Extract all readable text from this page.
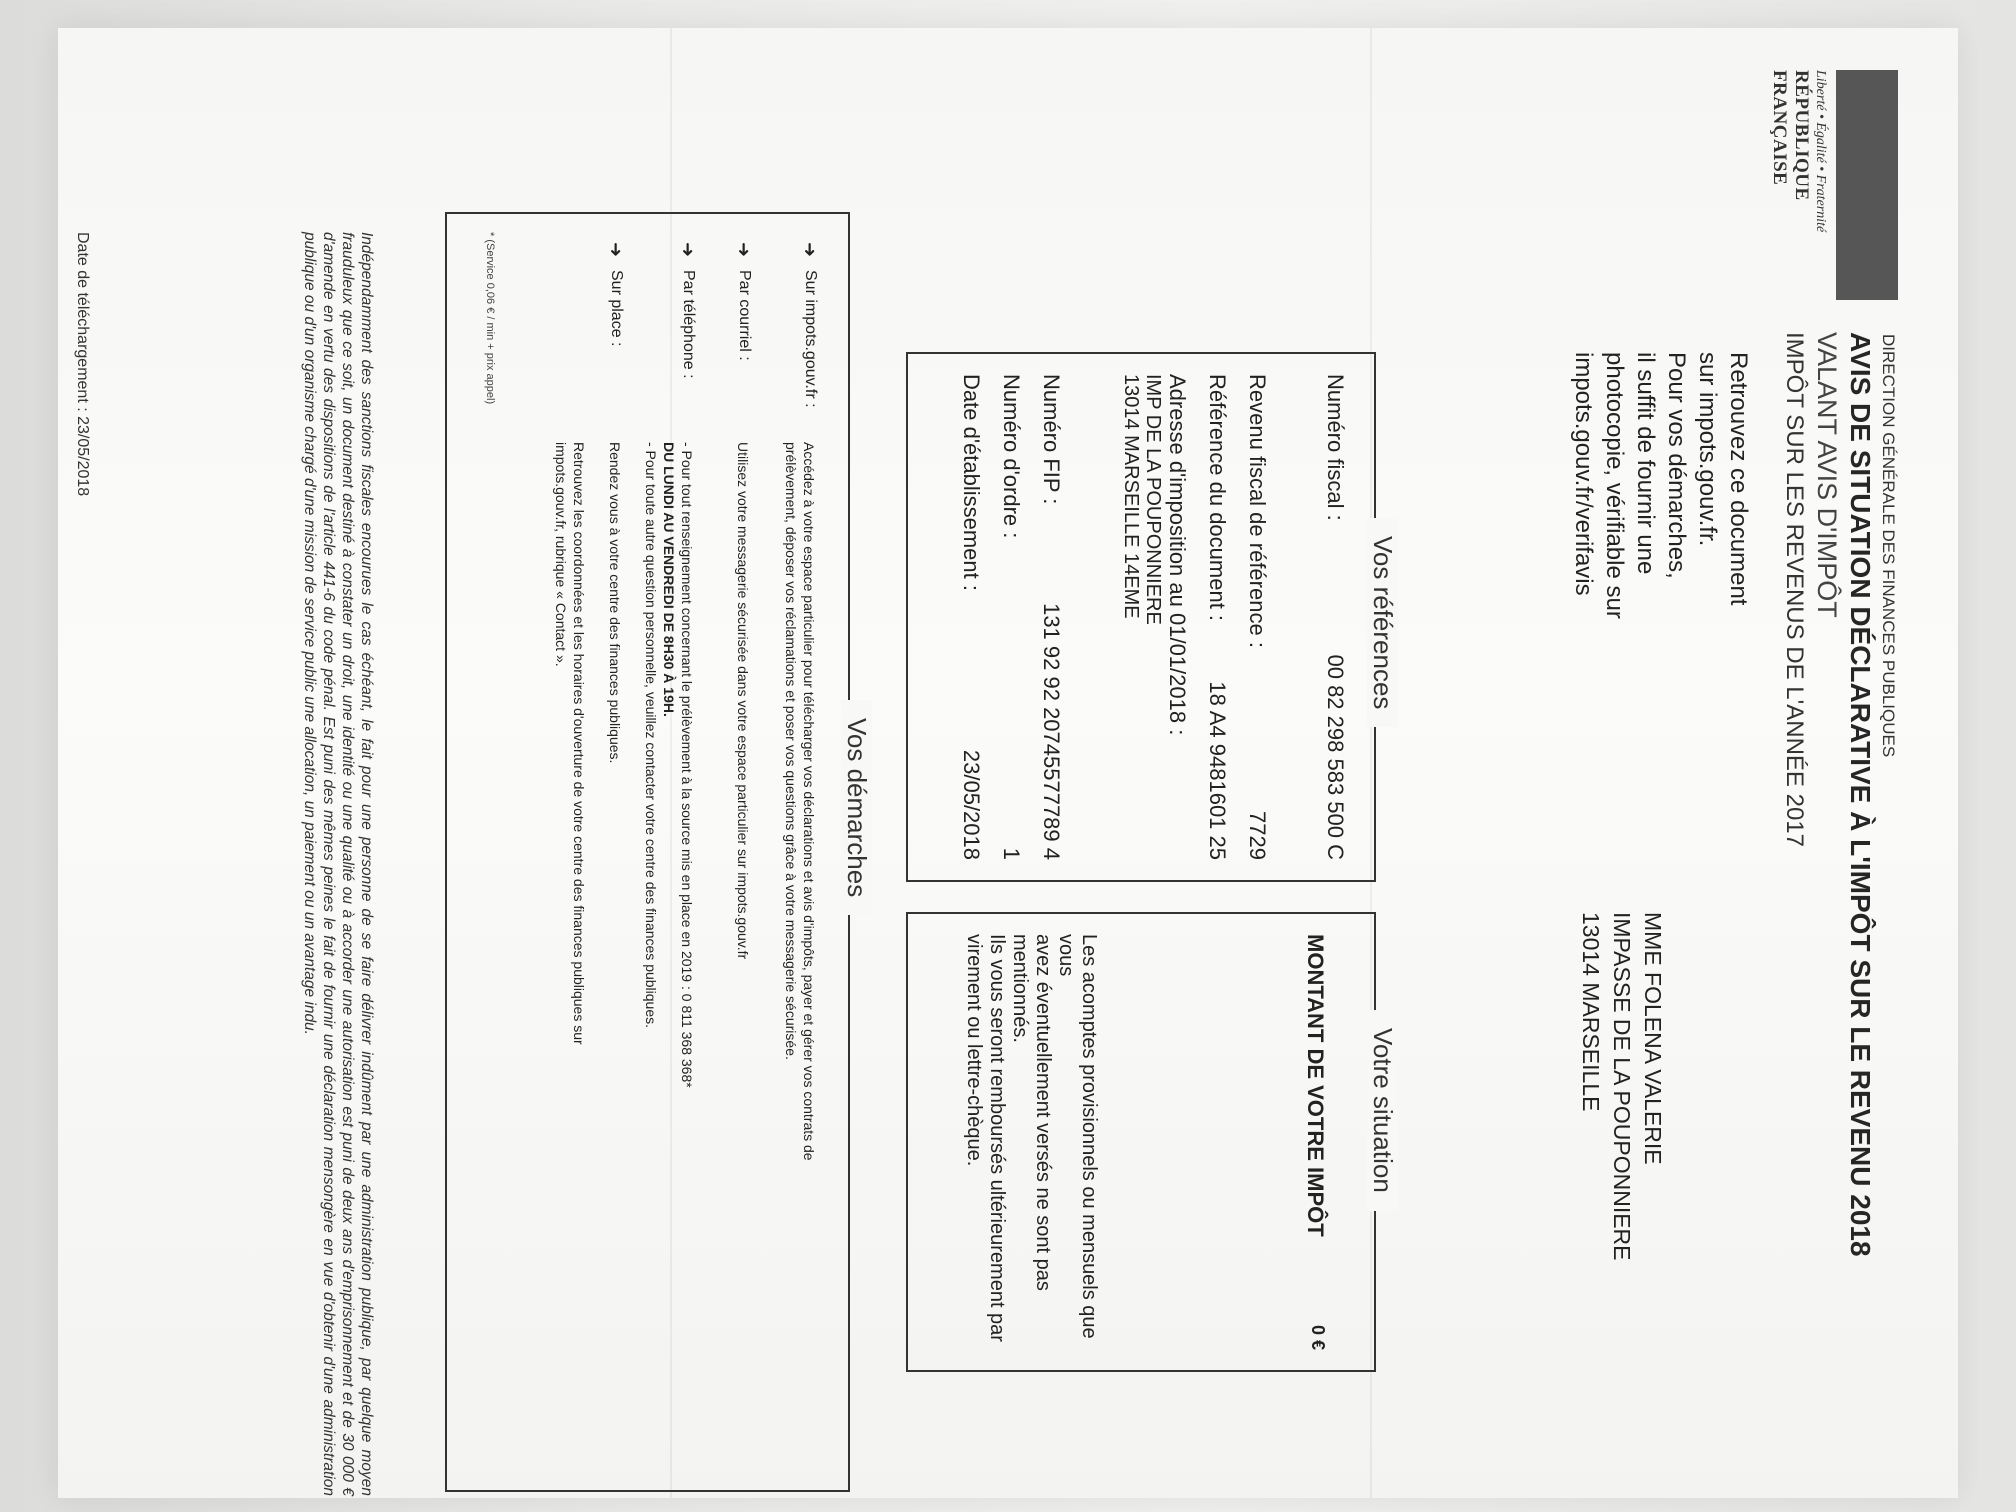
Liberté • Égalité • Fraternité
RÉPUBLIQUE FRANÇAISE
DIRECTION GÉNÉRALE DES FINANCES PUBLIQUES
AVIS DE SITUATION DÉCLARATIVE À L'IMPÔT SUR LE REVENU 2018
VALANT AVIS D'IMPÔT
IMPÔT SUR LES REVENUS DE L'ANNÉE 2017
Retrouvez ce document
sur impots.gouv.fr.
Pour vos démarches,
il suffit de fournir une
photocopie, vérifiable sur
impots.gouv.fr/verifavis
MME FOLENA VALERIE
IMPASSE DE LA POUPONNIERE
13014 MARSEILLE
Vos références
Numéro fiscal :
00 82 298 583 500 C
Revenu fiscal de référence :
7729
Référence du document :
18 A4 9481601 25
Adresse d'imposition au 01/01/2018 :
IMP DE LA POUPONNIERE
13014 MARSEILLE 14EME
Numéro FIP :
131 92 92 20745577789 4
Numéro d'ordre :
1
Date d'établissement :
23/05/2018
Votre situation
MONTANT DE VOTRE IMPÔT
0 €
Les acomptes provisionnels ou mensuels que vous
avez éventuellement versés ne sont pas mentionnés.
Ils vous seront remboursés ultérieurement par
virement ou lettre-chèque.
Vos démarches
➜
Sur impots.gouv.fr :
Accédez à votre espace particulier pour télécharger vos déclarations et avis d'impôts, payer et gérer vos contrats de
prélèvement, déposer vos réclamations et poser vos questions grâce à votre messagerie sécurisée.
➜
Par courriel :
Utilisez votre messagerie sécurisée dans votre espace particulier sur impots.gouv.fr
➜
Par téléphone :
- Pour tout renseignement concernant le prélèvement à la source mis en place en 2019 : 0 811 368 368*
DU LUNDI AU VENDREDI DE 8H30 À 19H.
- Pour toute autre question personnelle, veuillez contacter votre centre des finances publiques.
➜
Sur place :
Rendez vous à votre centre des finances publiques.
Retrouvez les coordonnées et les horaires d'ouverture de votre centre des finances publiques sur
impots.gouv.fr, rubrique « Contact ».
* (Service 0,06 € / min + prix appel)
Indépendamment des sanctions fiscales encourues le cas échéant, le fait pour une personne de se faire délivrer indûment par une administration publique, par quelque moyen frauduleux que ce soit, un document destiné à constater un droit, une identité ou une qualité ou à accorder une autorisation est puni de deux ans d'emprisonnement et de 30 000 € d'amende en vertu des dispositions de l'article 441-6 du code pénal. Est puni des mêmes peines le fait de fournir une déclaration mensongère en vue d'obtenir d'une administration publique ou d'un organisme chargé d'une mission de service public une allocation, un paiement ou un avantage indu.
Date de téléchargement : 23/05/2018
